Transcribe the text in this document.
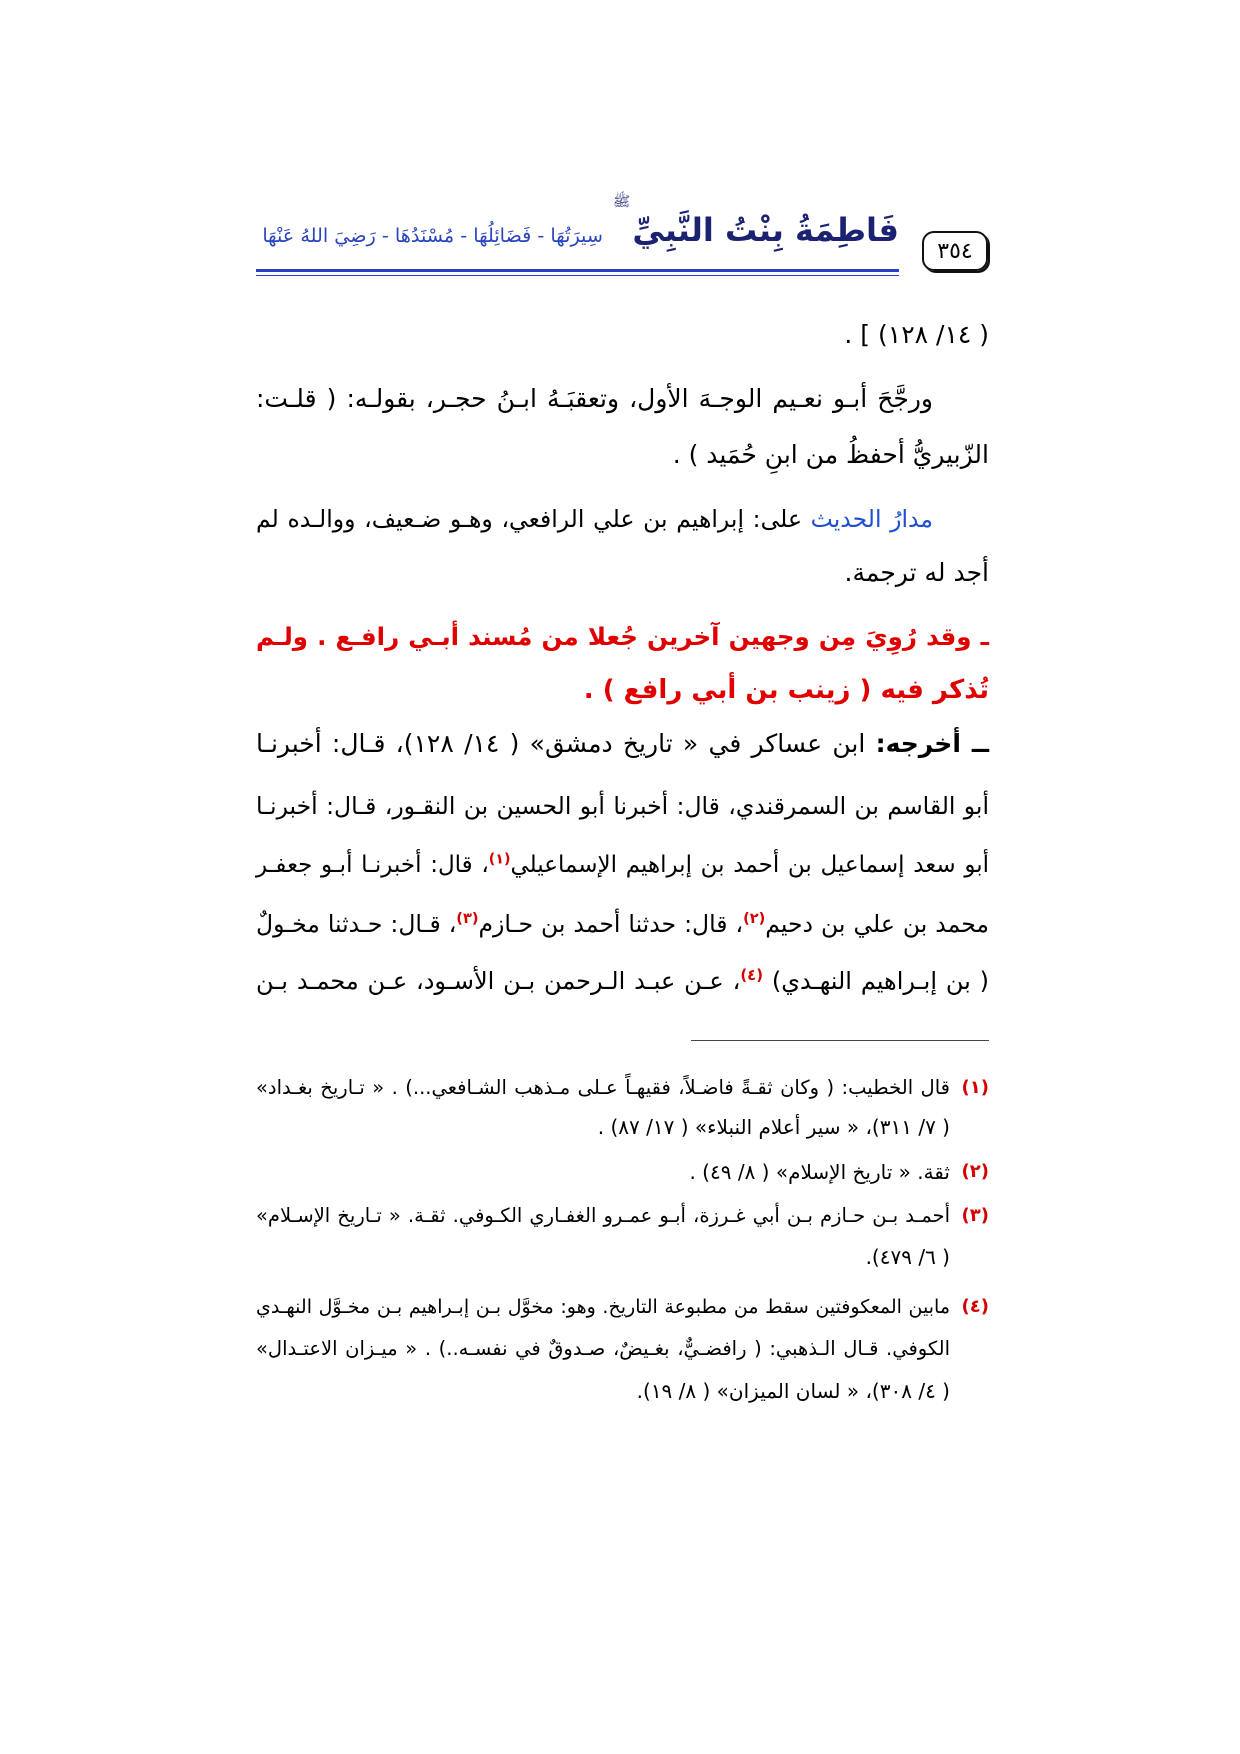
فَاطِمَةُ بِنْتُ النَّبِيِّ
ﷺ
سِيرَتُهَا - فَضَائِلُهَا - مُسْنَدُهَا - رَضِيَ اللهُ عَنْهَا
٣٥٤
( ١٤/ ١٢٨) ] .
ورجَّحَ أبـو نعـيم الوجـهَ الأول، وتعقبَـهُ ابـنُ حجـر، بقولـه: ( قلـت:
الزّبيريُّ أحفظُ من ابنِ حُمَيد ) .
مدارُ الحديث على: إبراهيم بن علي الرافعي، وهـو ضـعيف، ووالـده لم
أجد له ترجمة.
ـ وقد رُوِيَ مِن وجهين آخرين جُعلا من مُسند أبـي رافـع . ولـم
تُذكر فيه ( زينب بن أبي رافع ) .
ــ أخرجه: ابن عساكر في « تاريخ دمشق» ( ١٤/ ١٢٨)، قـال: أخبرنـا
أبو القاسم بن السمرقندي، قال: أخبرنا أبو الحسين بن النقـور، قـال: أخبرنـا
أبو سعد إسماعيل بن أحمد بن إبراهيم الإسماعيلي$^{(١)}$، قال: أخبرنـا أبـو جعفـر
محمد بن علي بن دحيم$^{(٢)}$، قال: حدثنا أحمد بن حـازم$^{(٣)}$، قـال: حـدثنا مخـولٌ
( بن إبـراهيم النهـدي) $^{(٤)}$، عـن عبـد الـرحمن بـن الأسـود، عـن محمـد بـن
(١)
قال الخطيب: ( وكان ثقـةً فاضـلاً، فقيهـاً عـلى مـذهب الشـافعي...) . « تـاريخ بغـداد»
( ٧/ ٣١١)، « سير أعلام النبلاء» ( ١٧/ ٨٧) .
(٢)
ثقة. « تاريخ الإسلام» ( ٨/ ٤٩) .
(٣)
أحمـد بـن حـازم بـن أبي غـرزة، أبـو عمـرو الغفـاري الكـوفي. ثقـة. « تـاريخ الإسـلام»
( ٦/ ٤٧٩).
(٤)
مابين المعكوفتين سقط من مطبوعة التاريخ. وهو: مخوَّل بـن إبـراهيم بـن مخـوَّل النهـدي
الكوفي. قـال الـذهبي: ( رافضـيٌّ، بغـيضٌ، صـدوقٌ في نفسـه..) . « ميـزان الاعتـدال»
( ٤/ ٣٠٨)، « لسان الميزان» ( ٨/ ١٩).
